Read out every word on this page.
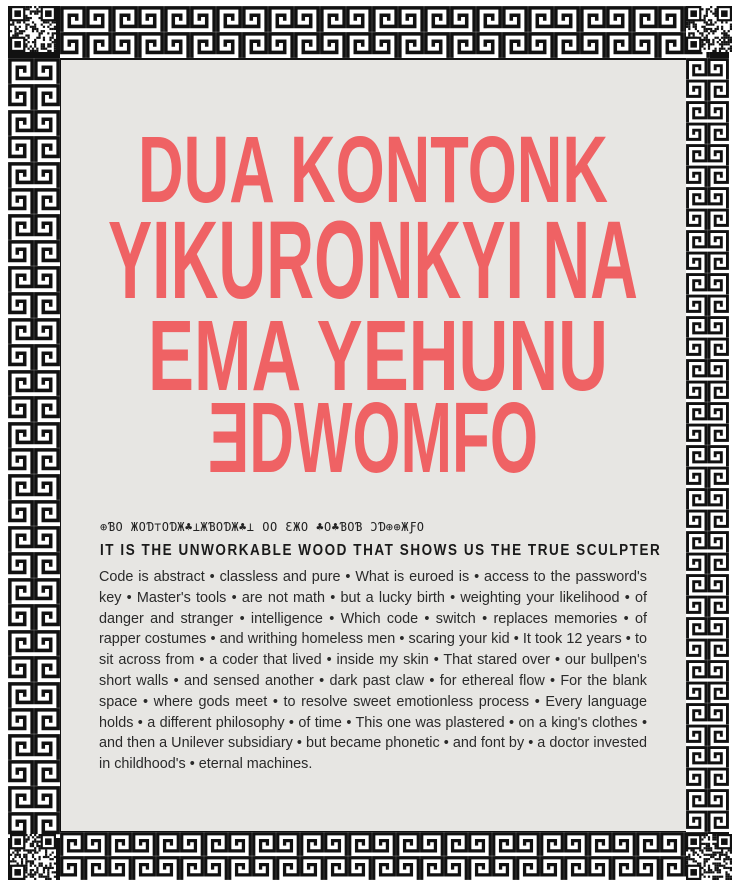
DUA KONTONK
YIKURONKYI NA
EMA YEHUNU
ƎDWOMFO
⊕ƁO ЖOƊ⊤OƊЖ♣⊥ЖƁOƊЖ♣⊥ OO ƐЖO ♣O♣ƁOƁ ƆƊ⊕⊕ЖƑO
IT IS THE UNWORKABLE WOOD THAT SHOWS US THE TRUE SCULPTER
Code is abstract • classless and pure • What is euroed is • access to the password's key • Master's tools • are not math • but a lucky birth • weighting your likelihood • of danger and stranger • intelligence • Which code • switch • replaces memories • of rapper costumes • and writhing homeless men • scaring your kid • It took 12 years • to sit across from • a coder that lived • inside my skin • That stared over • our bullpen's short walls • and sensed another • dark past claw • for ethereal flow • For the blank space • where gods meet • to resolve sweet emotionless process • Every language holds • a different philosophy • of time • This one was plastered • on a king's clothes • and then a Unilever subsidiary • but became phonetic • and font by • a doctor invested in childhood's • eternal machines.
